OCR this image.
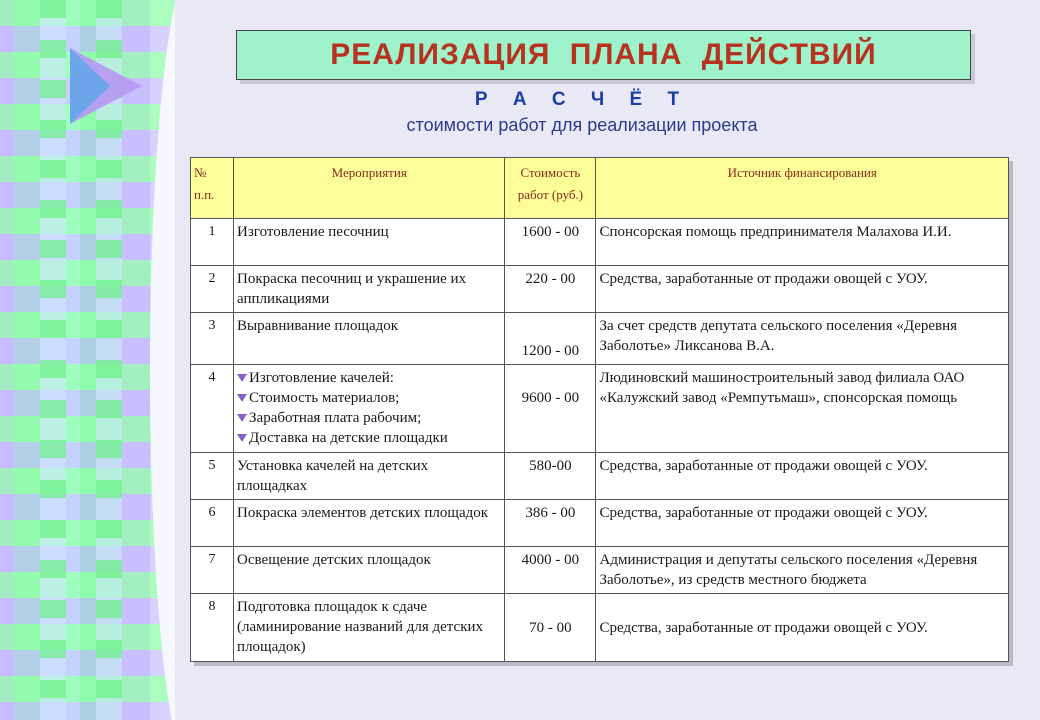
РЕАЛИЗАЦИЯ ПЛАНА ДЕЙСТВИЙ
Р А С Ч Ё Т
стоимости работ для реализации проекта
№ п.п.	Мероприятия	Стоимость работ (руб.)	Источник финансирования
1	Изготовление песочниц	1600 - 00	Спонсорская помощь предпринимателя Малахова И.И.
2	Покраска песочниц и украшение их аппликациями	220 - 00	Средства, заработанные от продажи овощей с УОУ.
3	Выравнивание площадок	1200 - 00	За счет средств депутата сельского поселения «Деревня Заболотье» Ликсанова В.А.
4	Изготовление качелей:
Стоимость материалов;
Заработная плата рабочим;
Доставка на детские площадки	9600 - 00	Людиновский машиностроительный завод филиала ОАО «Калужский завод «Ремпутьмаш», спонсорская помощь
5	Установка качелей на детских площадках	580-00	Средства, заработанные от продажи овощей с УОУ.
6	Покраска элементов детских площадок	386 - 00	Средства, заработанные от продажи овощей с УОУ.
7	Освещение детских площадок	4000 - 00	Администрация и депутаты сельского поселения «Деревня Заболотье», из средств местного бюджета
8	Подготовка площадок к сдаче (ламинирование названий для детских площадок)	70 - 00	Средства, заработанные от продажи овощей с УОУ.
